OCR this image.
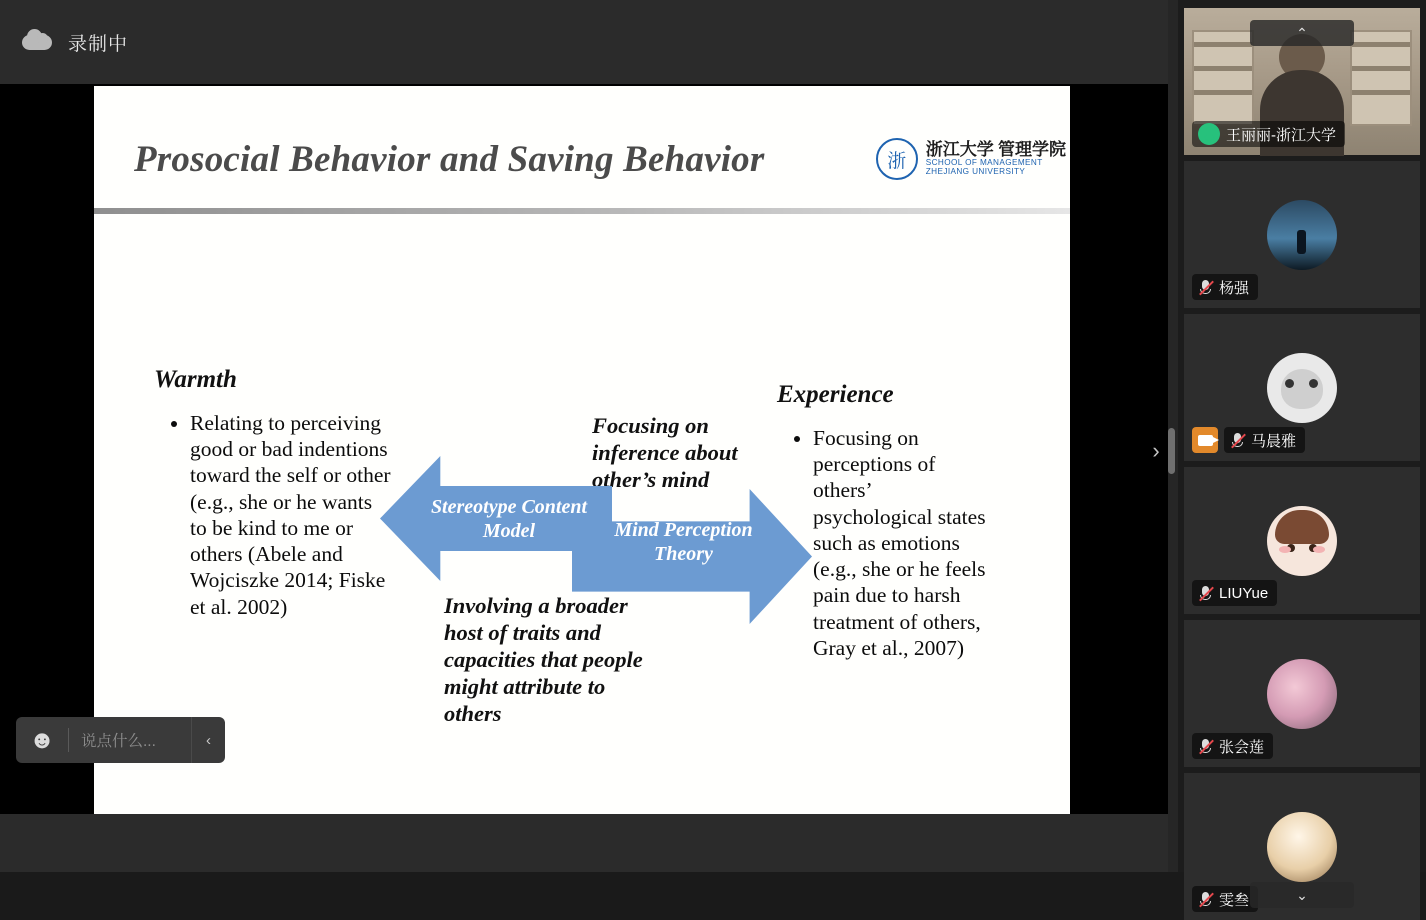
录制中
Prosocial Behavior and Saving Behavior	浙
浙江大学 管理学院
SCHOOL OF MANAGEMENT
ZHEJIANG UNIVERSITY
Warmth
• Relating to perceiving good or bad indentions toward the self or other (e.g., she or he wants to be kind to me or others (Abele and Wojciszke 2014; Fiske et al. 2002)
Focusing on inference about other’s mind
Stereotype Content Model	Mind Perception Theory
Involving a broader host of traits and capacities that people might attribute to others
Experience
• Focusing on perceptions of others’ psychological states such as emotions (e.g., she or he feels pain due to harsh treatment of others, Gray et al., 2007)
☻	说点什么...	‹
›
王丽丽-浙江大学
⌃
杨强
马晨雅
LIUYue
张会莲
雯叁	⌄
